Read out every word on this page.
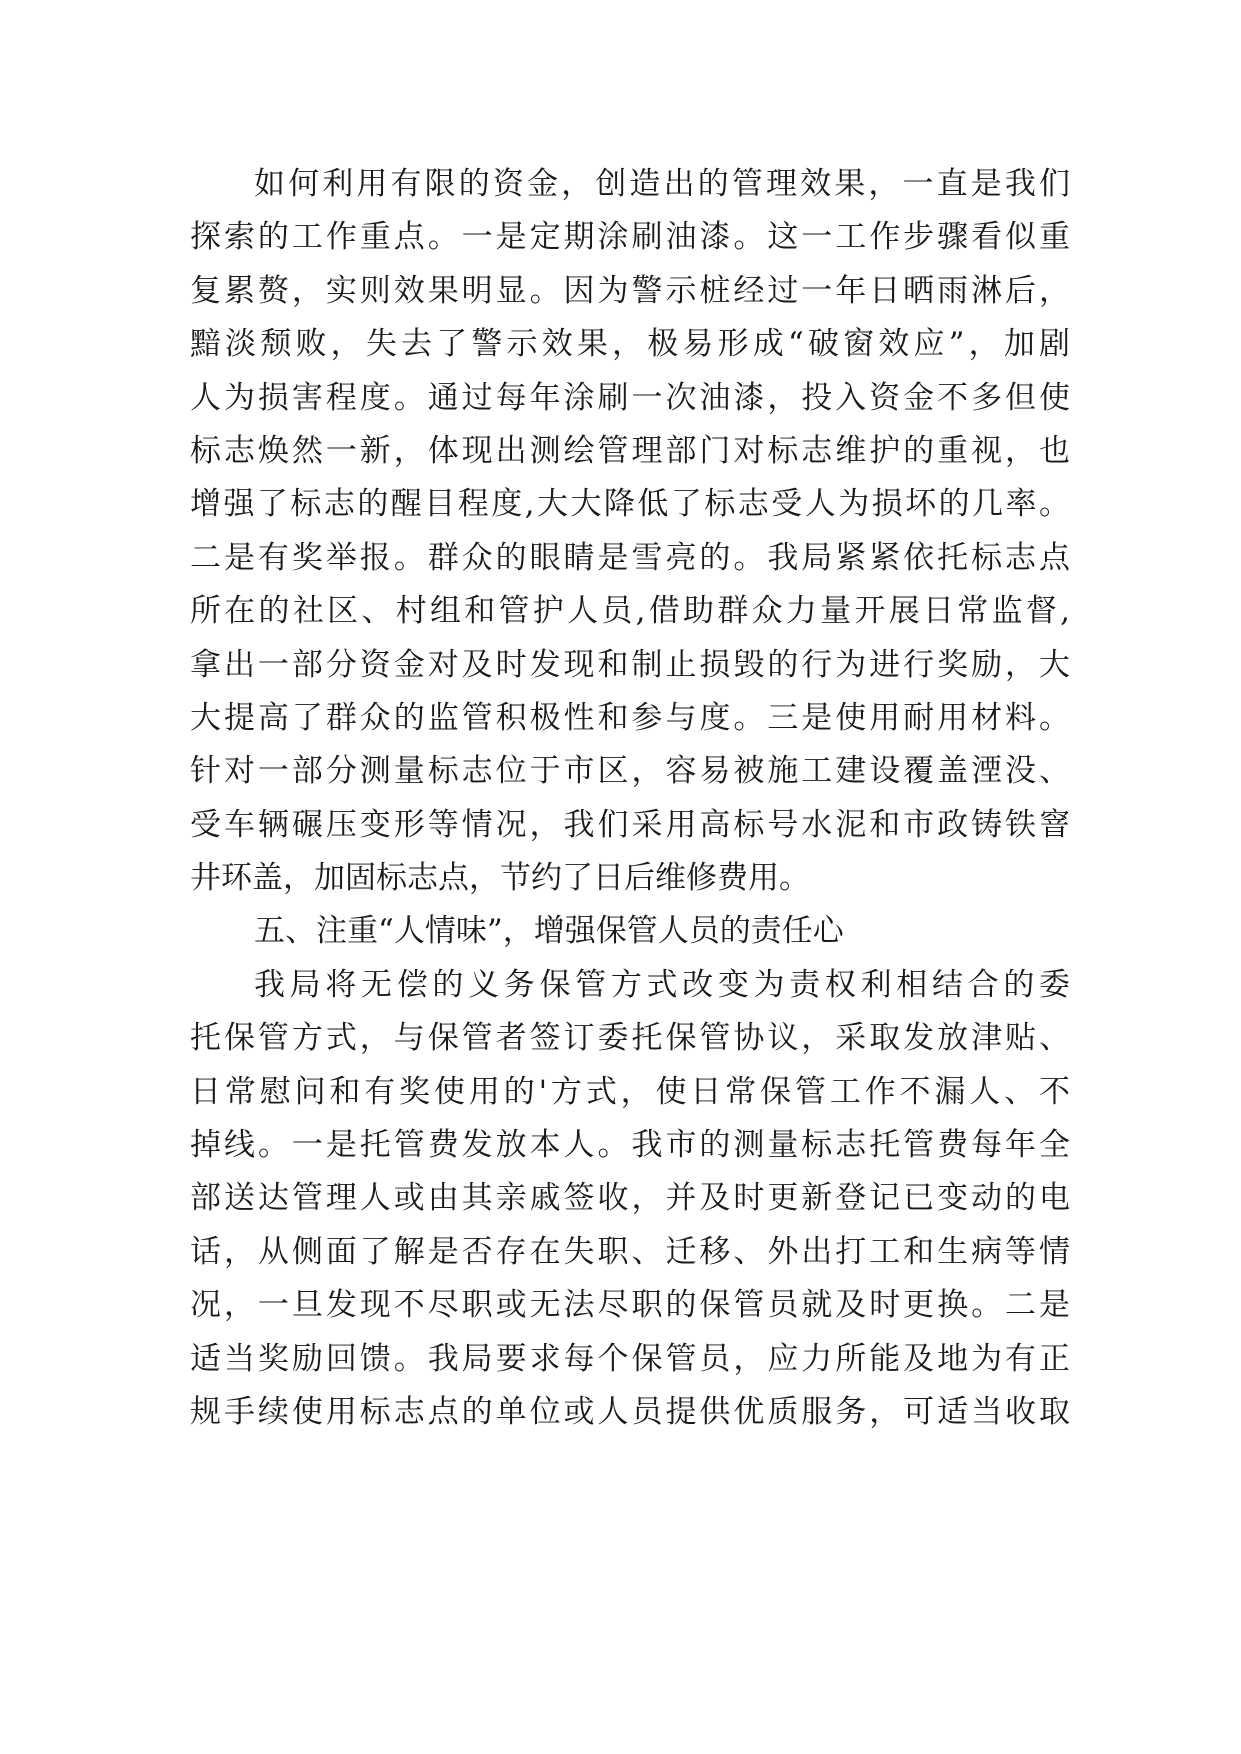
如何利用有限的资金，创造出的管理效果，一直是我们
探索的工作重点。一是定期涂刷油漆。这一工作步骤看似重
复累赘，实则效果明显。因为警示桩经过一年日晒雨淋后，
黯淡颓败，失去了警示效果，极易形成“破窗效应”，加剧
人为损害程度。通过每年涂刷一次油漆，投入资金不多但使
标志焕然一新，体现出测绘管理部门对标志维护的重视，也
增强了标志的醒目程度,大大降低了标志受人为损坏的几率。
二是有奖举报。群众的眼睛是雪亮的。我局紧紧依托标志点
所在的社区、村组和管护人员,借助群众力量开展日常监督,
拿出一部分资金对及时发现和制止损毁的行为进行奖励，大
大提高了群众的监管积极性和参与度。三是使用耐用材料。
针对一部分测量标志位于市区，容易被施工建设覆盖湮没、
受车辆碾压变形等情况，我们采用高标号水泥和市政铸铁窨
井环盖，加固标志点，节约了日后维修费用。
五、注重“人情味”，增强保管人员的责任心
我局将无偿的义务保管方式改变为责权利相结合的委
托保管方式，与保管者签订委托保管协议，采取发放津贴、
日常慰问和有奖使用的'方式，使日常保管工作不漏人、不
掉线。一是托管费发放本人。我市的测量标志托管费每年全
部送达管理人或由其亲戚签收，并及时更新登记已变动的电
话，从侧面了解是否存在失职、迁移、外出打工和生病等情
况，一旦发现不尽职或无法尽职的保管员就及时更换。二是
适当奖励回馈。我局要求每个保管员，应力所能及地为有正
规手续使用标志点的单位或人员提供优质服务，可适当收取
